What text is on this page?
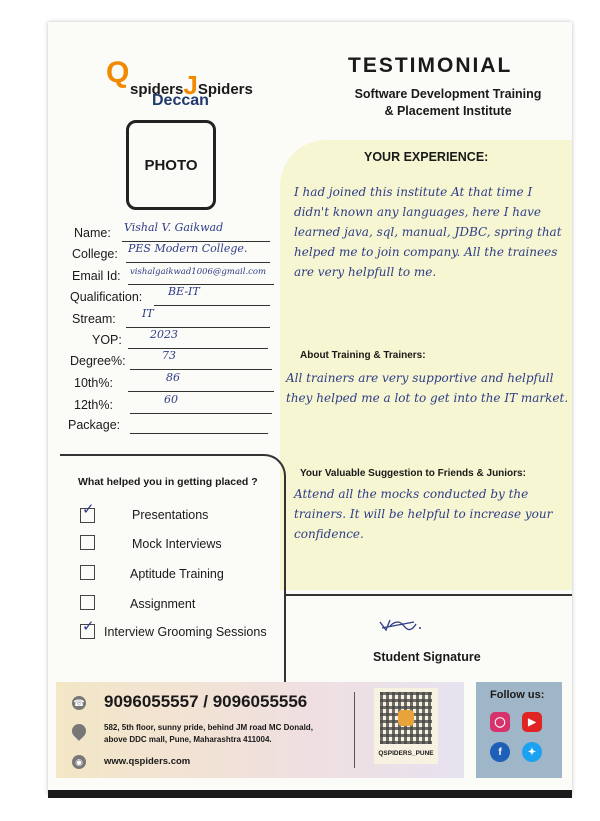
Q
spidersJSpiders
Deccan
TESTIMONIAL
Software Development Training
& Placement Institute
PHOTO	YOUR EXPERIENCE:
I had joined this institute At that time I didn't known any languages, here I have learned java, sql, manual, JDBC, spring that helped me to join company. All the trainees are very helpfull to me.
About Training & Trainers:
All trainers are very supportive and helpfull they helped me a lot to get into the IT market.
Your Valuable Suggestion to Friends & Juniors:
Attend all the mocks conducted by the trainers. It will be helpful to increase your confidence.
Name: Vishal V. Gaikwad
College: PES Modern College.
Email Id: vishalgaikwad1006@gmail.com
Qualification: BE-IT
Stream: IT
YOP:	2023
Degree%:	73
10th%:	86
12th%:	60
Package:
What helped you in getting placed ?
✓	Presentations
Mock Interviews
Aptitude Training
Assignment
✓ Interview Grooming Sessions
Student Signature
☎ 9096055557 / 9096055556
582, 5th floor, sunny pride, behind JM road MC Donald,
above DDC mall, Pune, Maharashtra 411004.
◉	www.qspiders.com
QSPIDERS_PUNE
Follow us:
◯	▶
f	✦
